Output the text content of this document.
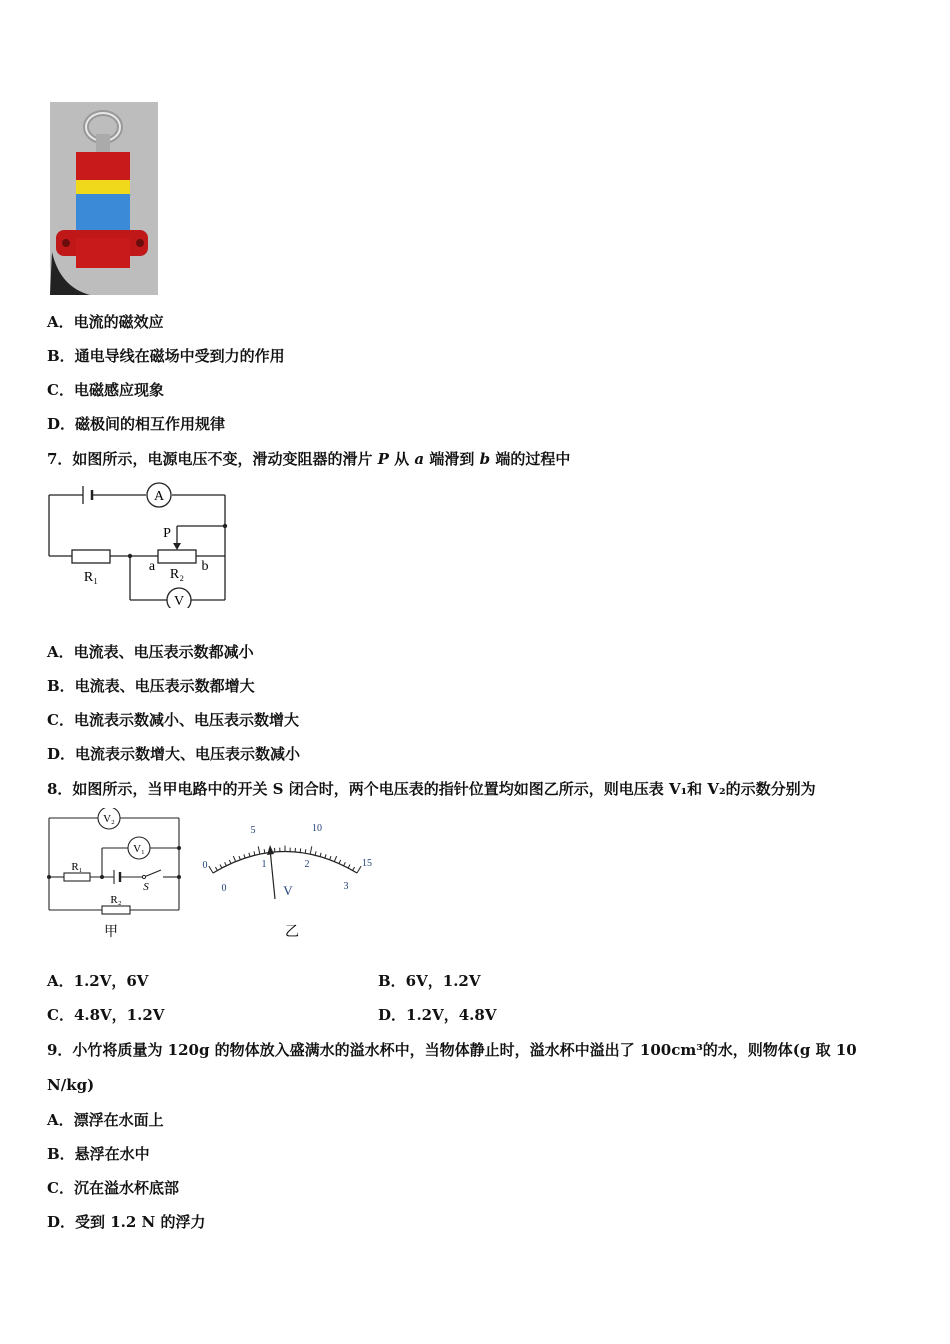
A．电流的磁效应
B．通电导线在磁场中受到力的作用
C．电磁感应现象
D．磁极间的相互作用规律
7．如图所示，电源电压不变，滑动变阻器的滑片 P 从 a 端滑到 b 端的过程中
A
V
R₁	R₂
P
a	b
A．电流表、电压表示数都减小
B．电流表、电压表示数都增大
C．电流表示数减小、电压表示数增大
D．电流表示数增大、电压表示数减小
8．如图所示，当甲电路中的开关 S 闭合时，两个电压表的指针位置均如图乙所示，则电压表 V₁和 V₂的示数分别为
V₂
V₁
R₁
R₂
S
甲
0
5	10
15
0
1	2
3
V
乙
A．1.2V，6V	B．6V，1.2V
C．4.8V，1.2V	D．1.2V，4.8V
9．小竹将质量为 120g 的物体放入盛满水的溢水杯中，当物体静止时，溢水杯中溢出了 100cm³的水，则物体(g 取 10
N/kg)
A．漂浮在水面上
B．悬浮在水中
C．沉在溢水杯底部
D．受到 1.2 N 的浮力
